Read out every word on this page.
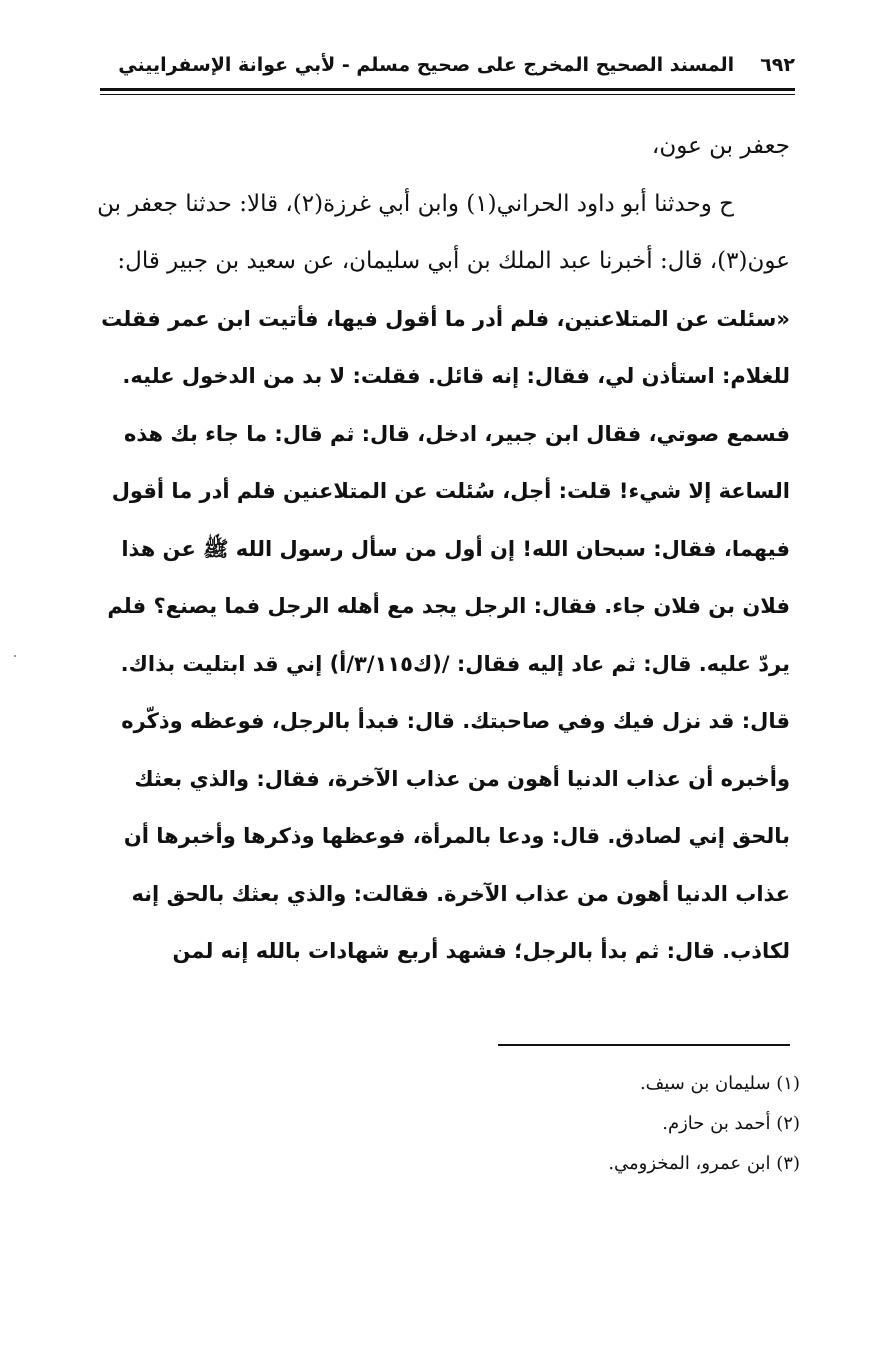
٦٩٢
المسند الصحيح المخرج على صحيح مسلم - لأبي عوانة الإسفراييني
جعفر بن عون،
ح وحدثنا أبو داود الحراني(١) وابن أبي غرزة(٢)، قالا: حدثنا جعفر بن
عون(٣)، قال: أخبرنا عبد الملك بن أبي سليمان، عن سعيد بن جبير قال:
«سئلت عن المتلاعنين، فلم أدر ما أقول فيها، فأتيت ابن عمر فقلت
للغلام: استأذن لي، فقال: إنه قائل. فقلت: لا بد من الدخول عليه.
فسمع صوتي، فقال ابن جبير، ادخل، قال: ثم قال: ما جاء بك هذه
الساعة إلا شيء! قلت: أجل، سُئلت عن المتلاعنين فلم أدر ما أقول
فيهما، فقال: سبحان الله! إن أول من سأل رسول الله ﷺ عن هذا
فلان بن فلان جاء. فقال: الرجل يجد مع أهله الرجل فما يصنع؟ فلم
يردّ عليه. قال: ثم عاد إليه فقال: /(ك٣/١١٥/أ) إني قد ابتليت بذاك.
قال: قد نزل فيك وفي صاحبتك. قال: فبدأ بالرجل، فوعظه وذكّره
وأخبره أن عذاب الدنيا أهون من عذاب الآخرة، فقال: والذي بعثك
بالحق إني لصادق. قال: ودعا بالمرأة، فوعظها وذكرها وأخبرها أن
عذاب الدنيا أهون من عذاب الآخرة. فقالت: والذي بعثك بالحق إنه
لكاذب. قال: ثم بدأ بالرجل؛ فشهد أربع شهادات بالله إنه لمن
(١) سليمان بن سيف.
(٢) أحمد بن حازم.
(٣) ابن عمرو، المخزومي.
